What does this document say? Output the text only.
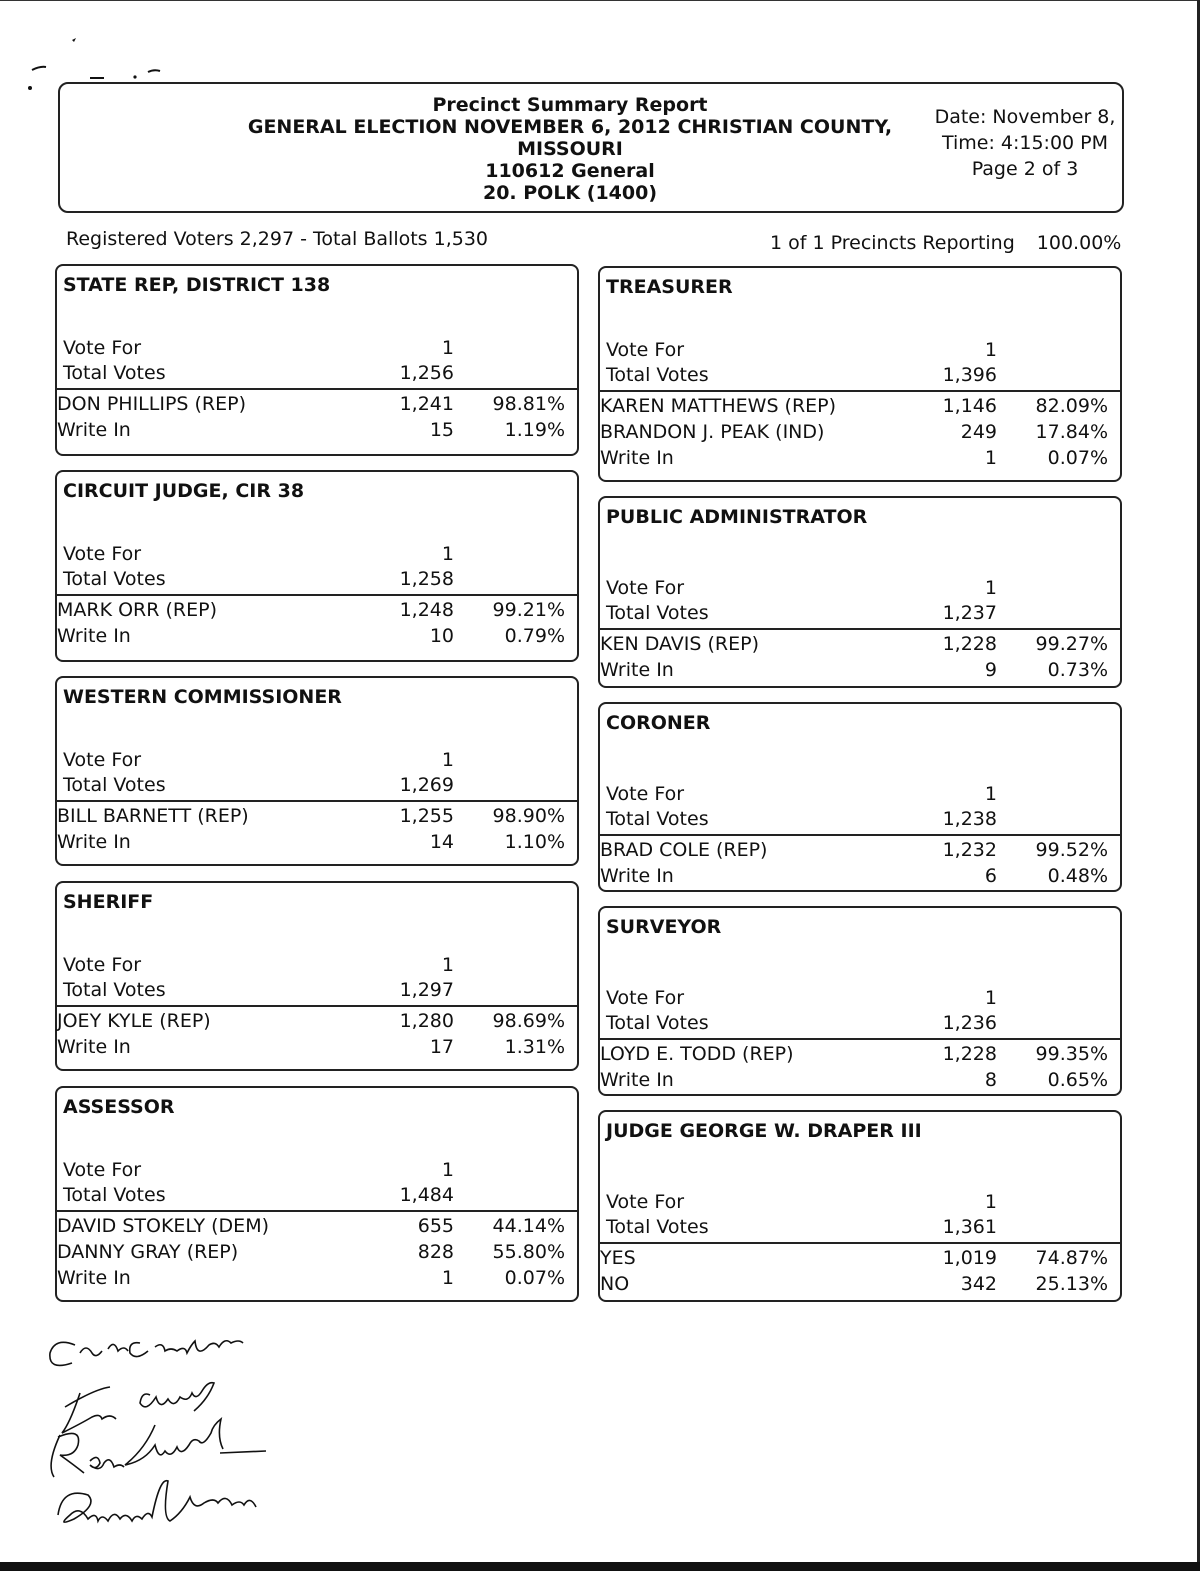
Precinct Summary Report
GENERAL ELECTION NOVEMBER 6, 2012 CHRISTIAN COUNTY,
MISSOURI
110612 General
20. POLK (1400)
Date: November 8,
Time: 4:15:00 PM
Page 2 of 3
Registered Voters 2,297 - Total Ballots 1,530	1 of 1 Precincts Reporting 100.00%
STATE REP, DISTRICT 138
Vote For	1
Total Votes	1,256
DON PHILLIPS (REP)	1,241 98.81%
Write In	15	1.19%
CIRCUIT JUDGE, CIR 38
Vote For	1
Total Votes	1,258
MARK ORR (REP)	1,248 99.21%
Write In	10	0.79%
WESTERN COMMISSIONER
Vote For	1
Total Votes	1,269
BILL BARNETT (REP)	1,255 98.90%
Write In	14	1.10%
SHERIFF
Vote For	1
Total Votes	1,297
JOEY KYLE (REP)	1,280 98.69%
Write In	17	1.31%
ASSESSOR
Vote For	1
Total Votes	1,484
DAVID STOKELY (DEM)	655 44.14%
DANNY GRAY (REP)	828 55.80%
Write In	1	0.07%
TREASURER
Vote For	1
Total Votes	1,396
KAREN MATTHEWS (REP)	1,146 82.09%
BRANDON J. PEAK (IND)	249 17.84%
Write In	1	0.07%
PUBLIC ADMINISTRATOR
Vote For	1
Total Votes	1,237
KEN DAVIS (REP)	1,228 99.27%
Write In	9	0.73%
CORONER
Vote For	1
Total Votes	1,238
BRAD COLE (REP)	1,232 99.52%
Write In	6	0.48%
SURVEYOR
Vote For	1
Total Votes	1,236
LOYD E. TODD (REP)	1,228 99.35%
Write In	8	0.65%
JUDGE GEORGE W. DRAPER III
Vote For	1
Total Votes	1,361
YES	1,019 74.87%
NO	342 25.13%
